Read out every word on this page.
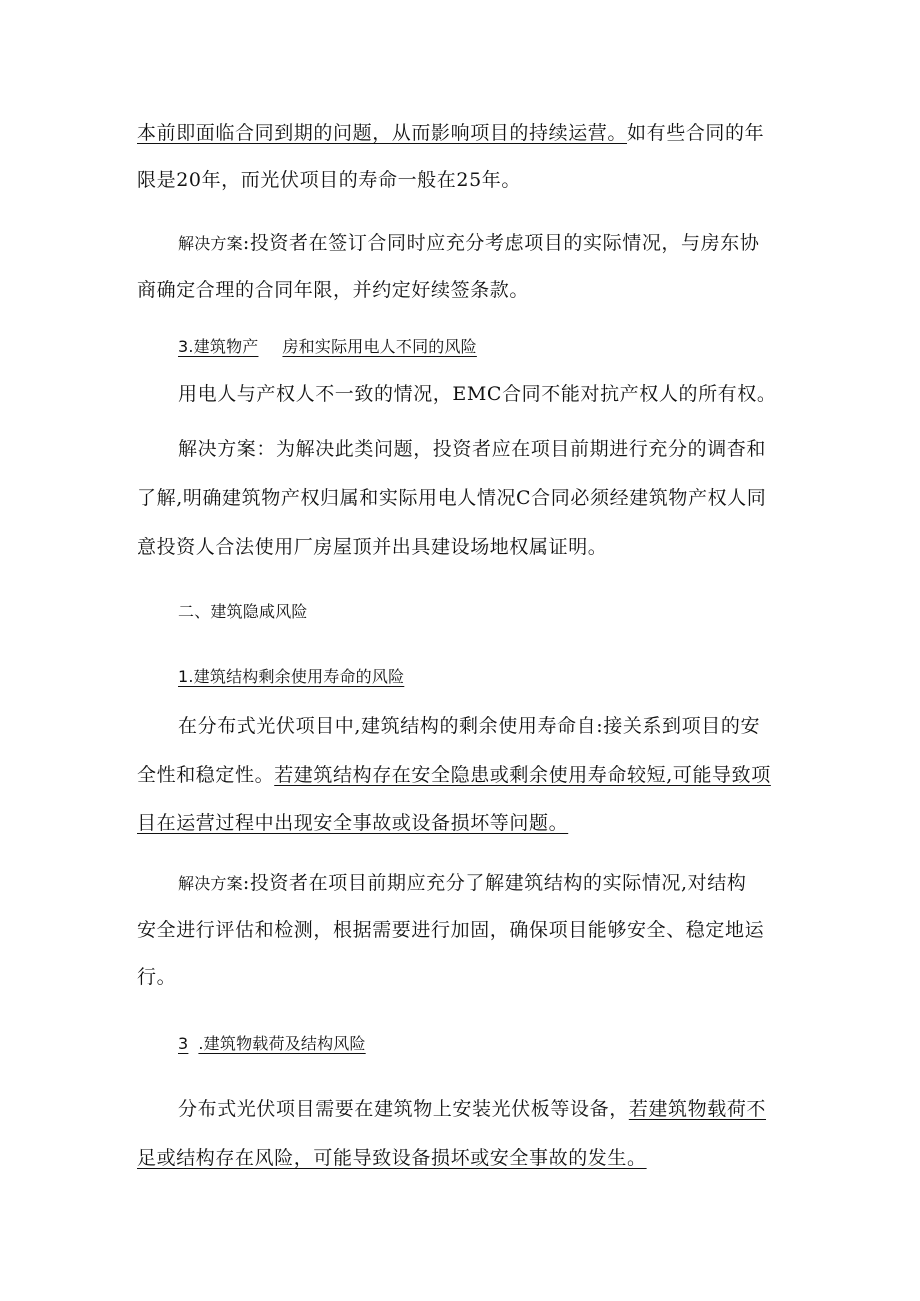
本前即面临合同到期的问题，从而影响项目的持续运营。如有些合同的年
限是20年，而光伏项目的寿命一般在25年。
解决方案:投资者在签订合同时应充分考虑项目的实际情况，与房东协
商确定合理的合同年限，并约定好续签条款。
3.建筑物产 房和实际用电人不同的风险
用电人与产权人不一致的情况，EMC合同不能对抗产权人的所有权。
解决方案：为解决此类问题，投资者应在项目前期进行充分的调杳和
了解,明确建筑物产权归属和实际用电人情况C合同必须经建筑物产权人同
意投资人合法使用厂房屋顶并出具建设场地权属证明。
二、建筑隐咸风险
1.建筑结构剩余使用寿命的风险
在分布式光伏项目中,建筑结构的剩余使用寿命自:接关系到项目的安
全性和稳定性。若建筑结构存在安全隐患或剩余使用寿命较短,可能导致项
目在运营过程中出现安全事故或设备损坏等问题。
解决方案:投资者在项目前期应充分了解建筑结构的实际情况,对结构
安全进行评估和检测，根据需要进行加固，确保项目能够安全、稳定地运
行。
3 .建筑物载荷及结构风险
分布式光伏项目需要在建筑物上安装光伏板等设备，若建筑物载荷不
足或结构存在风险，可能导致设备损坏或安全事故的发生。
